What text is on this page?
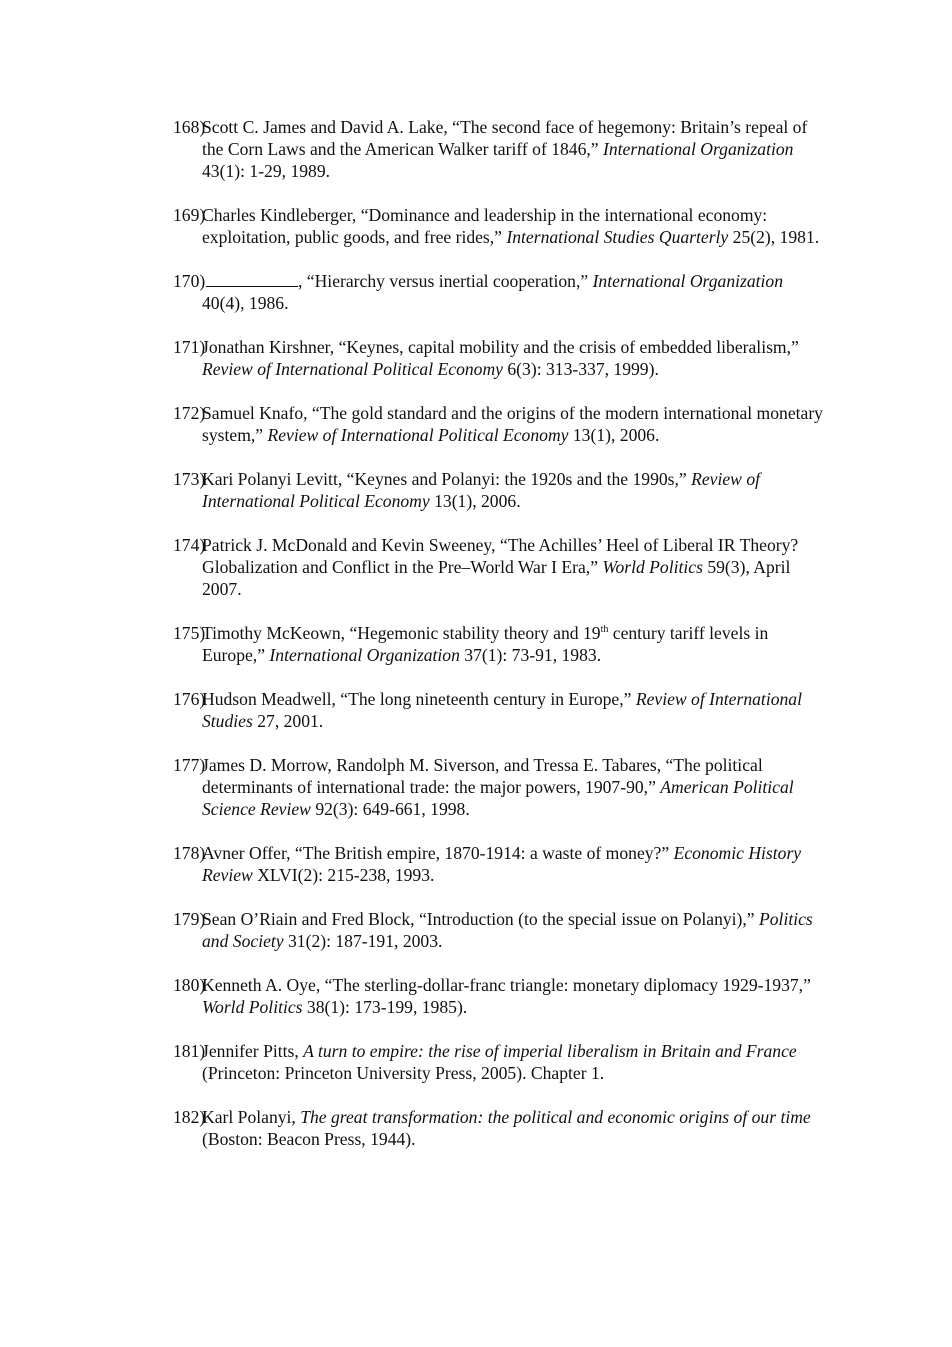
168)
Scott C. James and David A. Lake, “The second face of hegemony: Britain’s repeal of the Corn Laws and the American Walker tariff of 1846,” International Organization 43(1): 1-29, 1989.
169)
Charles Kindleberger, “Dominance and leadership in the international economy: exploitation, public goods, and free rides,” International Studies Quarterly 25(2), 1981.
170)	, “Hierarchy versus inertial cooperation,” International Organization 40(4), 1986.
171)
Jonathan Kirshner, “Keynes, capital mobility and the crisis of embedded liberalism,” Review of International Political Economy 6(3): 313-337, 1999).
172)
Samuel Knafo, “The gold standard and the origins of the modern international monetary system,” Review of International Political Economy 13(1), 2006.
173)
Kari Polanyi Levitt, “Keynes and Polanyi: the 1920s and the 1990s,” Review of International Political Economy 13(1), 2006.
174)
Patrick J. McDonald and Kevin Sweeney, “The Achilles’ Heel of Liberal IR Theory? Globalization and Conflict in the Pre–World War I Era,” World Politics 59(3), April 2007.
175)
Timothy McKeown, “Hegemonic stability theory and 19th century tariff levels in Europe,” International Organization 37(1): 73-91, 1983.
176)
Hudson Meadwell, “The long nineteenth century in Europe,” Review of International Studies 27, 2001.
177)
James D. Morrow, Randolph M. Siverson, and Tressa E. Tabares, “The political determinants of international trade: the major powers, 1907-90,” American Political Science Review 92(3): 649-661, 1998.
178)
Avner Offer, “The British empire, 1870-1914: a waste of money?” Economic History Review XLVI(2): 215-238, 1993.
179)
Sean O’Riain and Fred Block, “Introduction (to the special issue on Polanyi),” Politics and Society 31(2): 187-191, 2003.
180)
Kenneth A. Oye, “The sterling-dollar-franc triangle: monetary diplomacy 1929-1937,” World Politics 38(1): 173-199, 1985).
181)
Jennifer Pitts, A turn to empire: the rise of imperial liberalism in Britain and France (Princeton: Princeton University Press, 2005). Chapter 1.
182)
Karl Polanyi, The great transformation: the political and economic origins of our time (Boston: Beacon Press, 1944).
